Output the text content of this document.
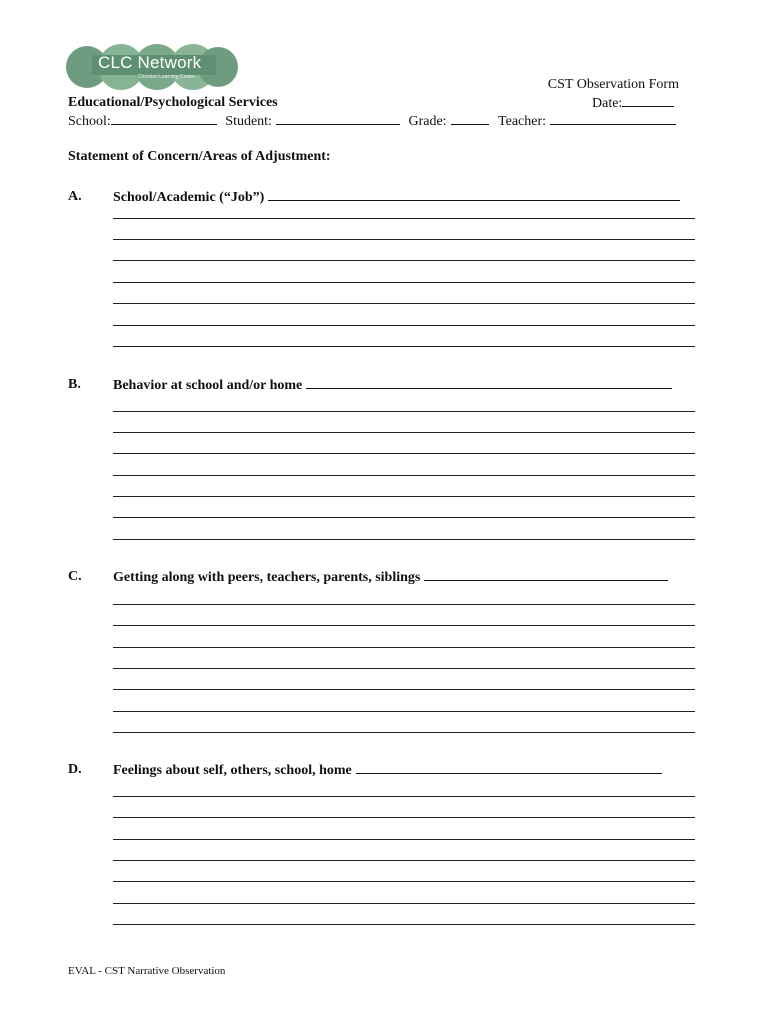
CLC Network
Christian Learning Center	CST Observation Form
Educational/Psychological Services	Date:
School:	Student:	Grade:	Teacher:
Statement of Concern/Areas of Adjustment:
A. School/Academic (“Job”)
B. Behavior at school and/or home
C. Getting along with peers, teachers, parents, siblings
D. Feelings about self, others, school, home
EVAL - CST Narrative Observation
